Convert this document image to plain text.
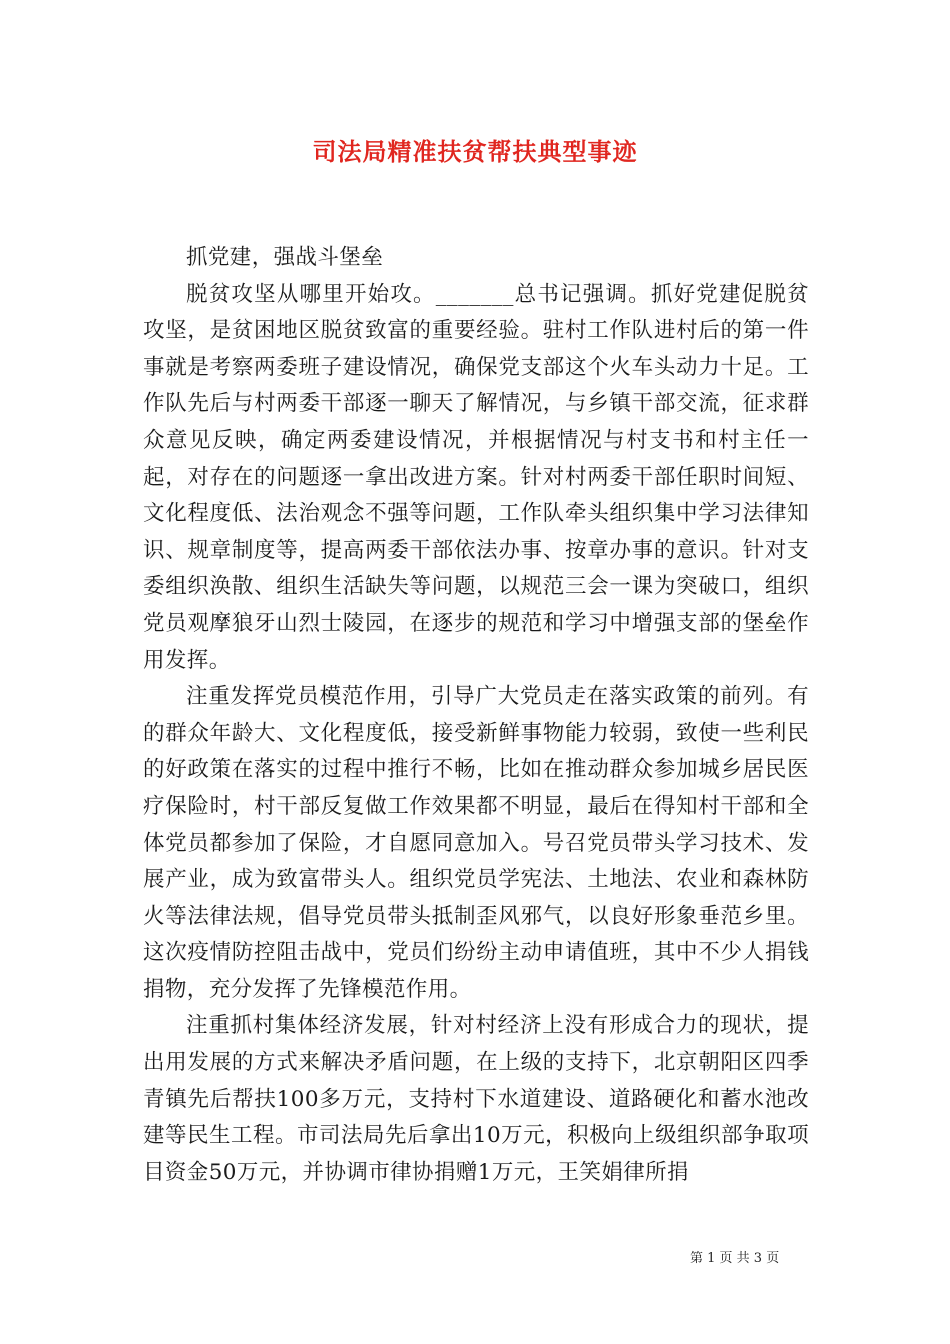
司法局精准扶贫帮扶典型事迹

抓党建，强战斗堡垒

脱贫攻坚从哪里开始攻。_______总书记强调。抓好党建促脱贫攻坚，是贫困地区脱贫致富的重要经验。驻村工作队进村后的第一件事就是考察两委班子建设情况，确保党支部这个火车头动力十足。工作队先后与村两委干部逐一聊天了解情况，与乡镇干部交流，征求群众意见反映，确定两委建设情况，并根据情况与村支书和村主任一起，对存在的问题逐一拿出改进方案。针对村两委干部任职时间短、文化程度低、法治观念不强等问题，工作队牵头组织集中学习法律知识、规章制度等，提高两委干部依法办事、按章办事的意识。针对支委组织涣散、组织生活缺失等问题，以规范三会一课为突破口，组织党员观摩狼牙山烈士陵园，在逐步的规范和学习中增强支部的堡垒作用发挥。

注重发挥党员模范作用，引导广大党员走在落实政策的前列。有的群众年龄大、文化程度低，接受新鲜事物能力较弱，致使一些利民的好政策在落实的过程中推行不畅，比如在推动群众参加城乡居民医疗保险时，村干部反复做工作效果都不明显，最后在得知村干部和全体党员都参加了保险，才自愿同意加入。号召党员带头学习技术、发展产业，成为致富带头人。组织党员学宪法、土地法、农业和森林防火等法律法规，倡导党员带头抵制歪风邪气，以良好形象垂范乡里。这次疫情防控阻击战中，党员们纷纷主动申请值班，其中不少人捐钱捐物，充分发挥了先锋模范作用。

注重抓村集体经济发展，针对村经济上没有形成合力的现状，提出用发展的方式来解决矛盾问题，在上级的支持下，北京朝阳区四季青镇先后帮扶100多万元，支持村下水道建设、道路硬化和蓄水池改建等民生工程。市司法局先后拿出10万元，积极向上级组织部争取项目资金50万元，并协调市律协捐赠1万元，王笑娟律所捐

第 1 页 共 3 页
